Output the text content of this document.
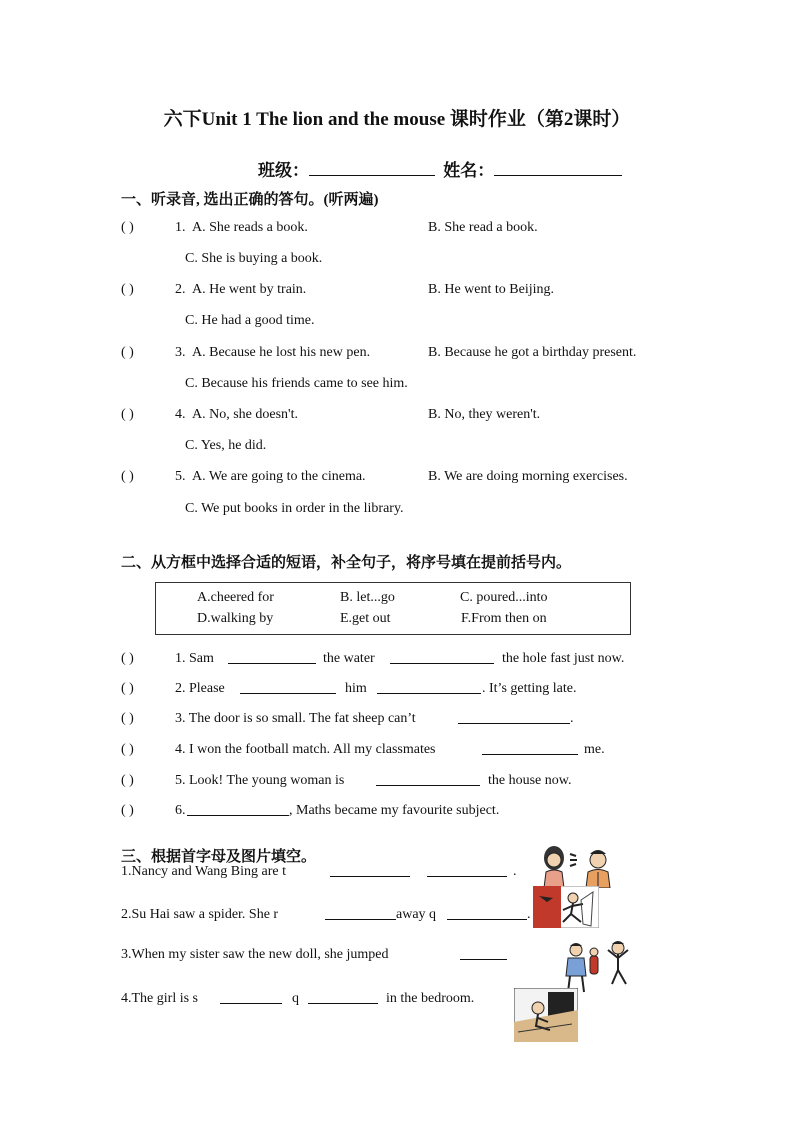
六下Unit 1 The lion and the mouse 课时作业（第2课时）
班级：	姓名：
一、听录音, 选出正确的答句。(听两遍)
( )	1. A. She reads a book.	B. She read a book.
C. She is buying a book.
( )	2. A. He went by train.	B. He went to Beijing.
C. He had a good time.
( )	3. A. Because he lost his new pen.	B. Because he got a birthday present.
C. Because his friends came to see him.
( )	4. A. No, she doesn't.	B. No, they weren't.
C. Yes, he did.
( )	5. A. We are going to the cinema.	B. We are doing morning exercises.
C. We put books in order in the library.
二、从方框中选择合适的短语，补全句子，将序号填在提前括号内。
A.cheered for	B. let...go	C. poured...into
D.walking by	E.get out	F.From then on
( )	1. Sam	the water	the hole fast just now.
( )	2. Please	him	. It’s getting late.
( )	3. The door is so small. The fat sheep can’t	.
( )	4. I won the football match. All my classmates	me.
( )	5. Look! The young woman is	the house now.
( )	6.	, Maths became my favourite subject.
三、根据首字母及图片填空。
1.Nancy and Wang Bing are t	.
2.Su Hai saw a spider. She r	away q	.
3.When my sister saw the new doll, she jumped
4.The girl is s	q	in the bedroom.
